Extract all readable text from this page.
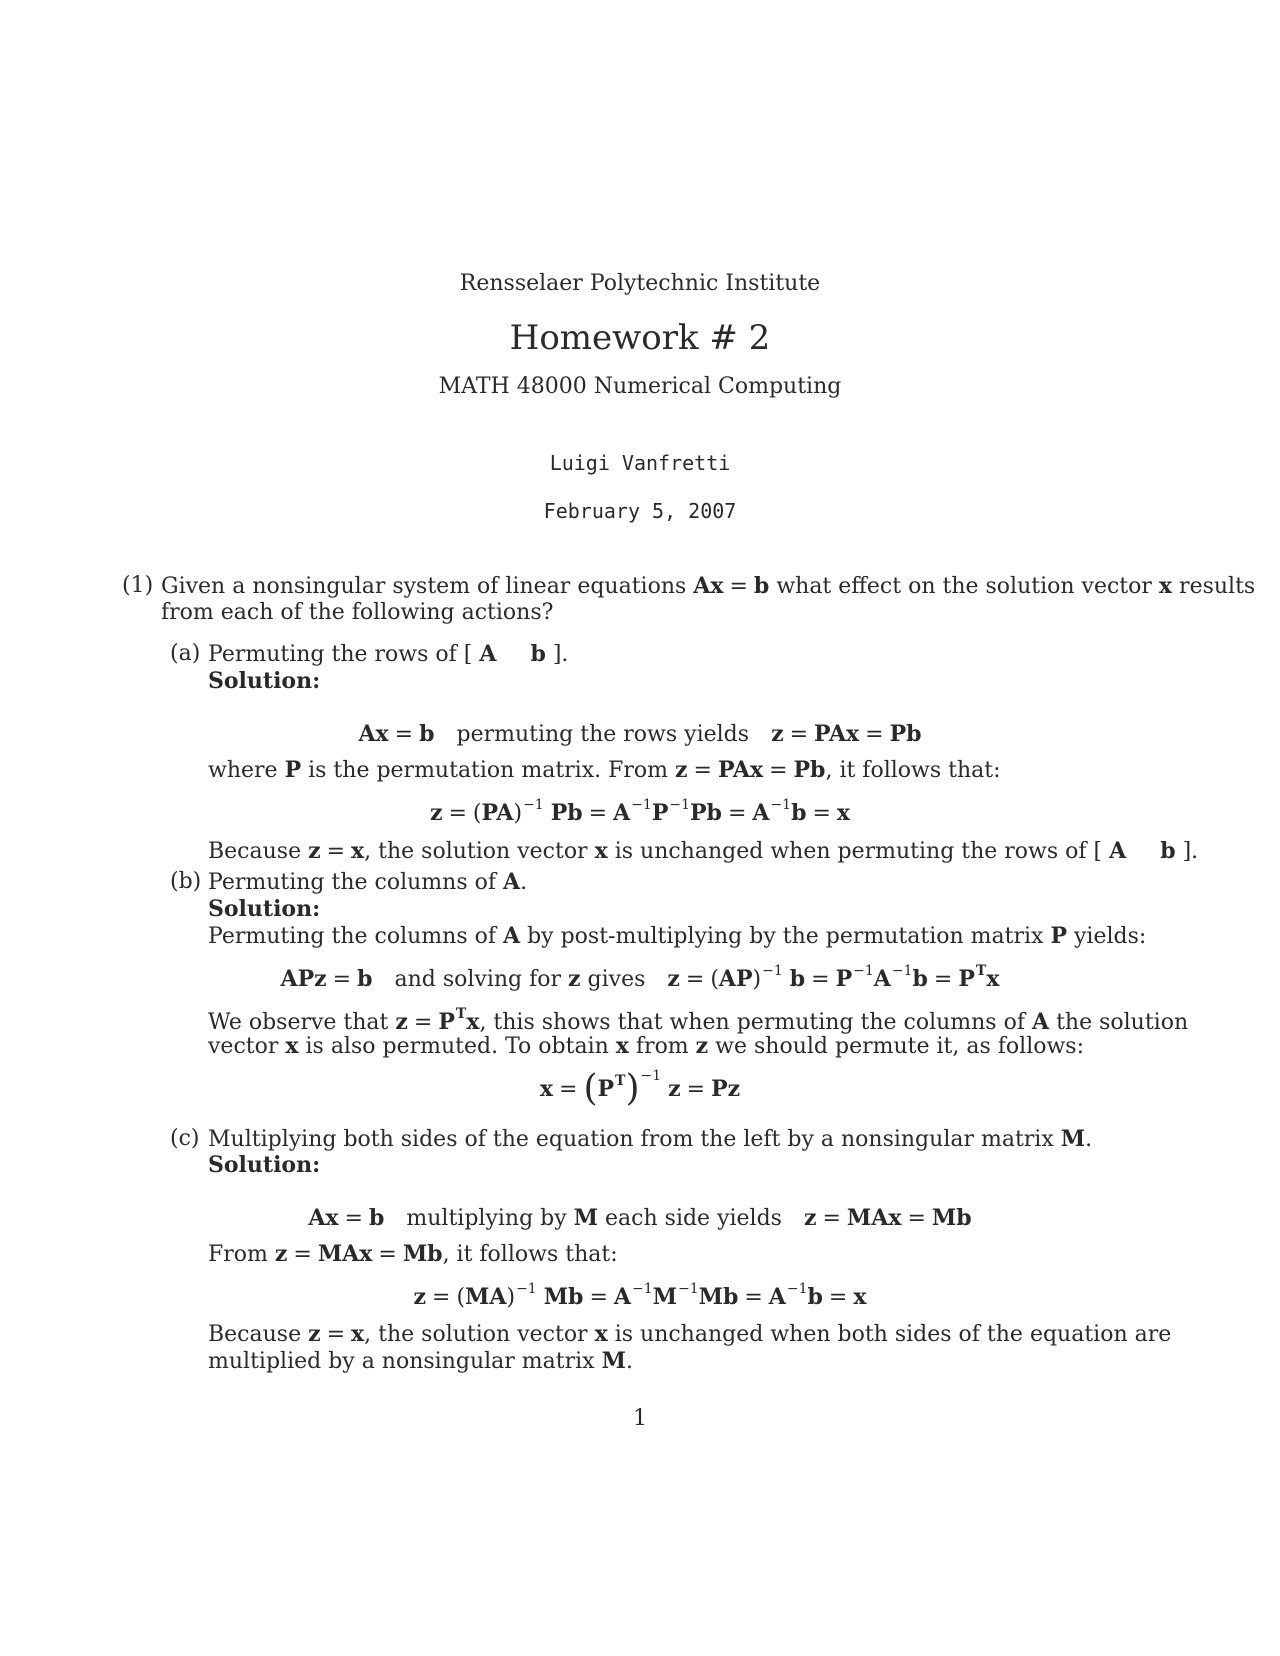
Rensselaer Polytechnic Institute
Homework # 2
MATH 48000 Numerical Computing
Luigi Vanfretti
February 5, 2007
(1) Given a nonsingular system of linear equations Ax = b what effect on the solution vector x results
from each of the following actions?
(a) Permuting the rows of [ A b ].
Solution:
Ax = b permuting the rows yields z = PAx = Pb
where P is the permutation matrix. From z = PAx = Pb, it follows that:
z = (PA)$^{-1}$ $Pb = A^{-1}P^{-1}Pb = A^{-1}b = x$
Because z = x, the solution vector x is unchanged when permuting the rows of [ A b ].
(b) Permuting the columns of A.
Solution:
Permuting the columns of A by post-multiplying by the permutation matrix P yields:
APz = b and solving for z gives z = (AP)$^{-1}$ $b = P^{-1}A^{-1}b = P^Tx$
We observe that $z = P^Tx$, this shows that when permuting the columns of A the solution
vector x is also permuted. To obtain x from z we should permute it, as follows:
$x = (P^T)^{-1}$ z = Pz
(c) Multiplying both sides of the equation from the left by a nonsingular matrix M.
Solution:
Ax = b multiplying by M each side yields z = MAx = Mb
From z = MAx = Mb, it follows that:
z = (MA)$^{-1}$ $Mb = A^{-1}M^{-1}Mb = A^{-1}b = x$
Because z = x, the solution vector x is unchanged when both sides of the equation are
multiplied by a nonsingular matrix M.
1
